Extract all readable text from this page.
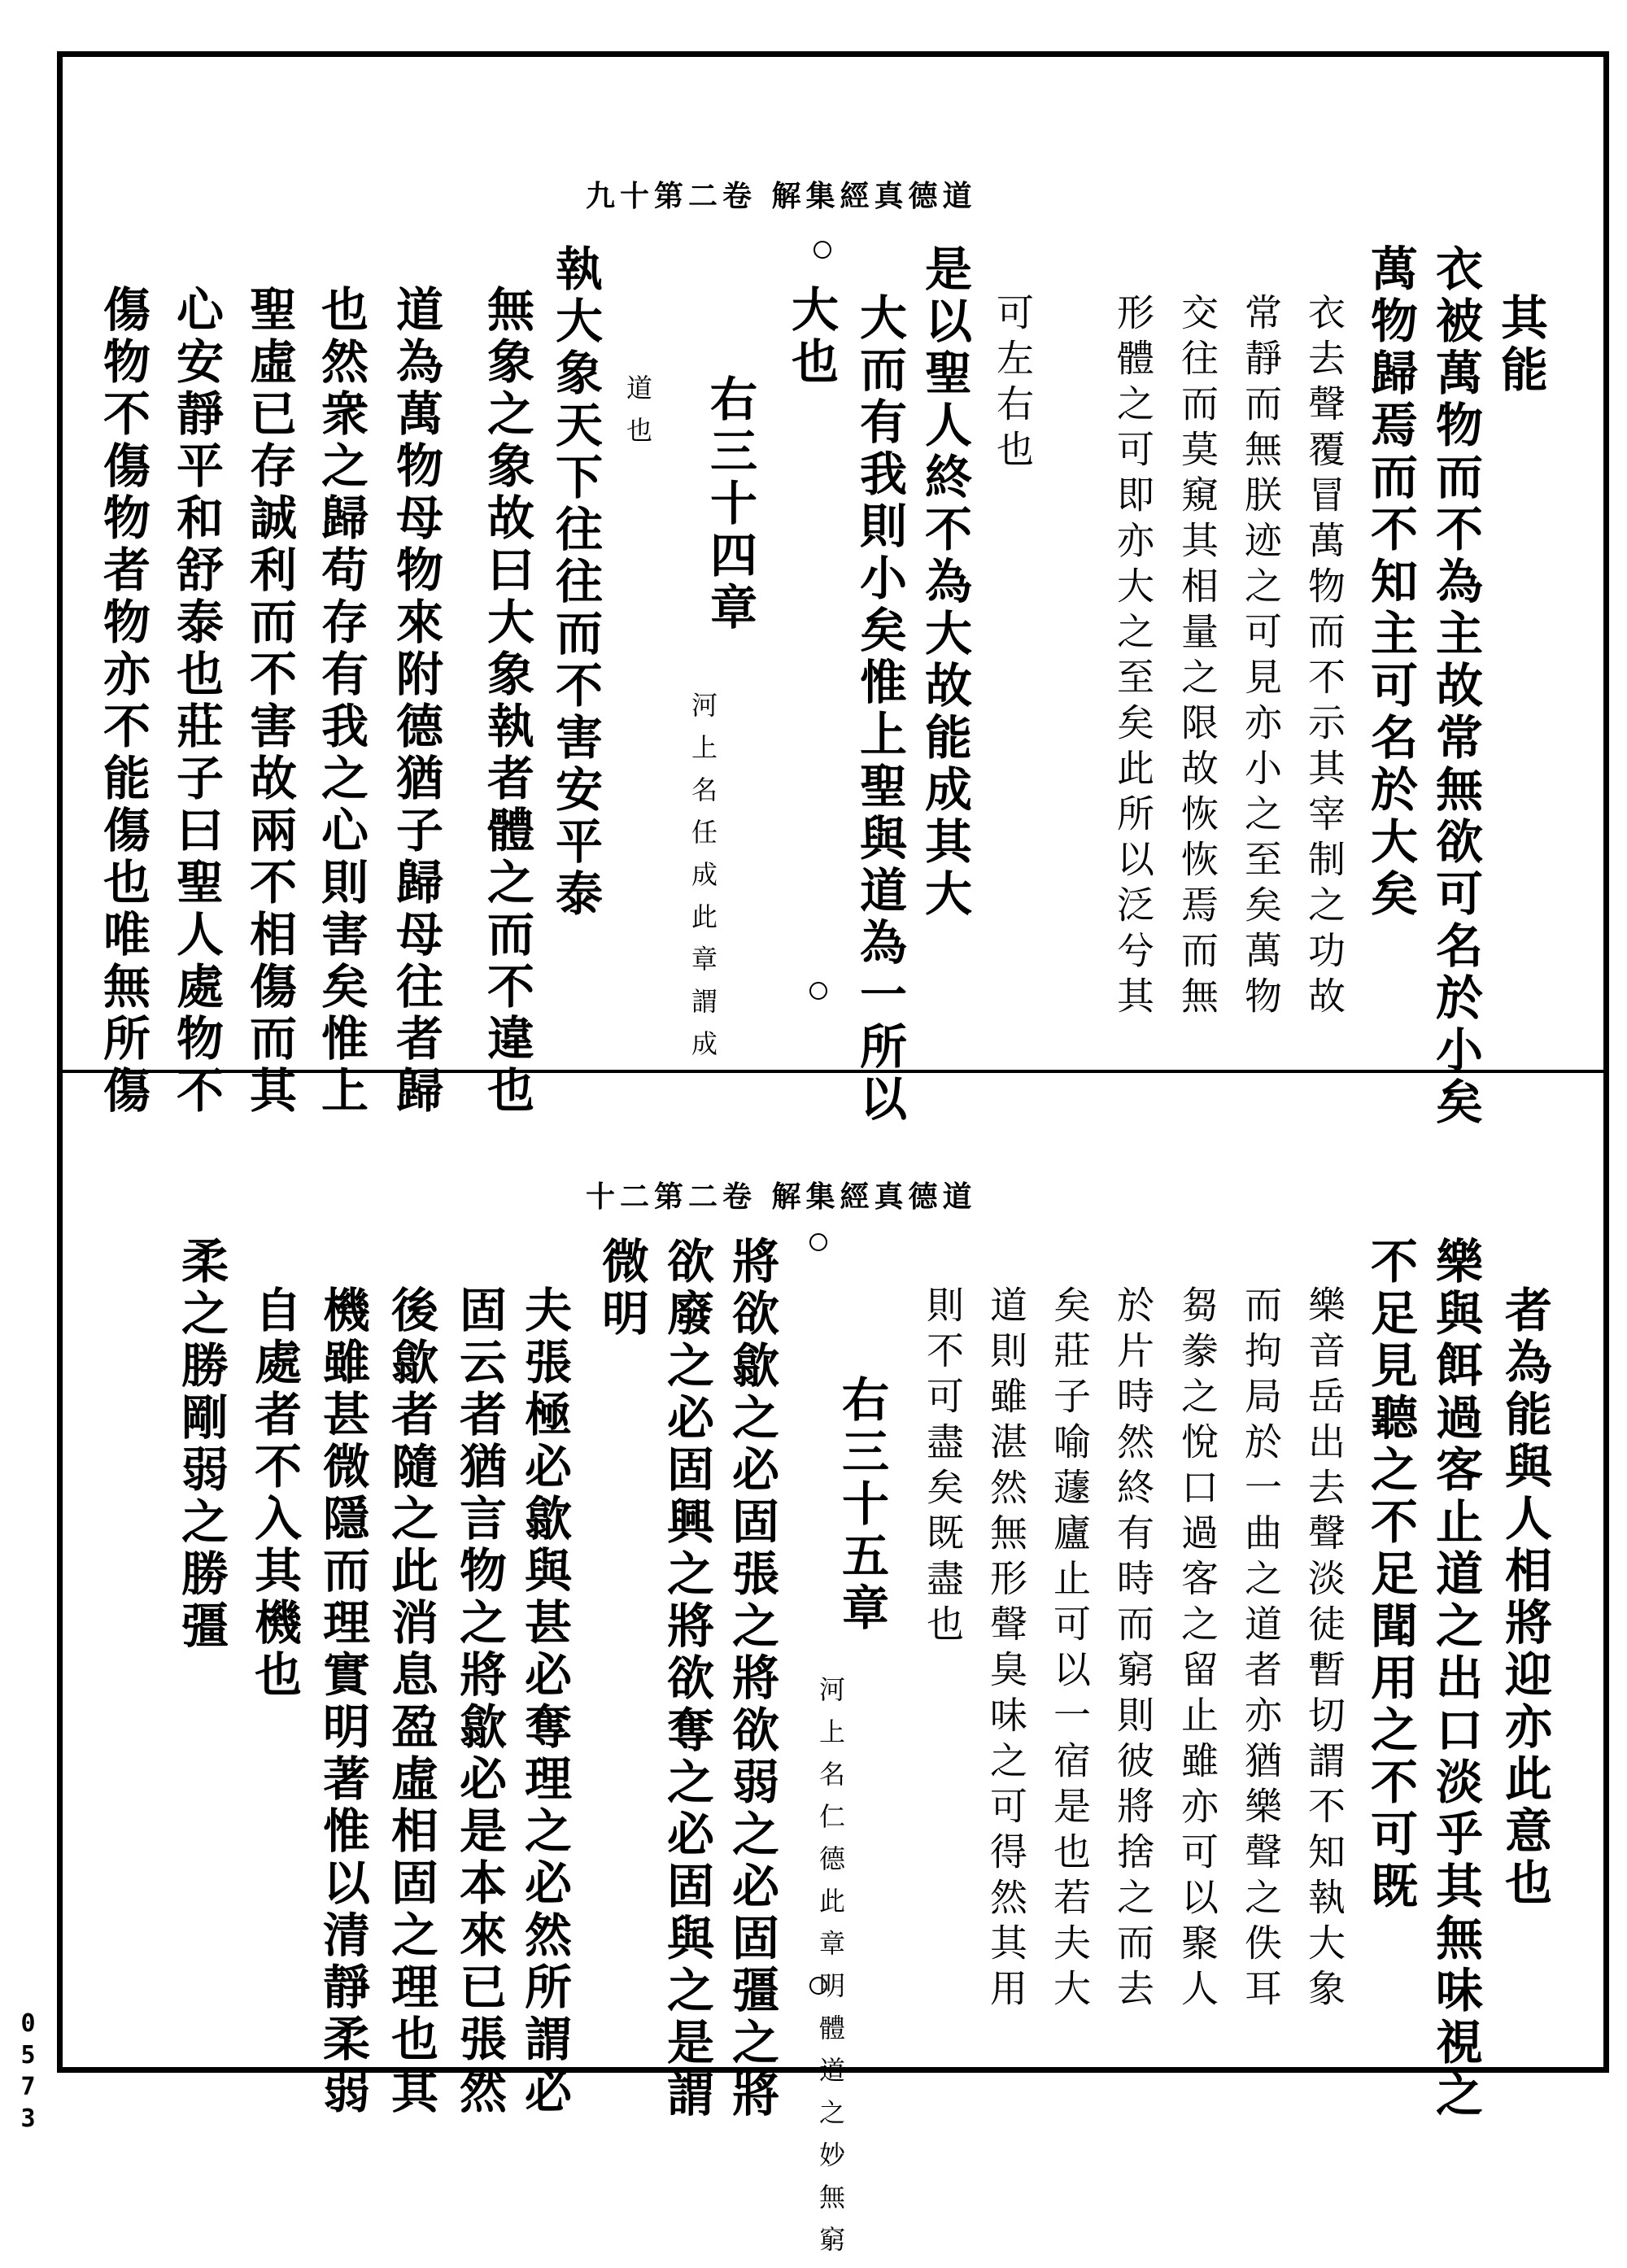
道德真經集解 卷二第十九
其能
衣被萬物而不為主故常無欲可名於小矣
萬物歸焉而不知主可名於大矣
衣去聲覆冒萬物而不示其宰制之功故
常靜而無朕迹之可見亦小之至矣萬物
交往而莫窺其相量之限故恢恢焉而無
形體之可即亦大之至矣此所以泛兮其
可左右也
是以聖人終不為大故能成其大
大而有我則小矣惟上聖與道為一所以
大也
右三十四章
河上名任成此章謂成
道也
執大象天下往往而不害安平泰
無象之象故曰大象執者體之而不違也
道為萬物母物來附德猶子歸母往者歸
也然衆之歸苟存有我之心則害矣惟上
聖虛已存誠利而不害故兩不相傷而其
心安靜平和舒泰也莊子曰聖人處物不
傷物不傷物者物亦不能傷也唯無所傷
道德真經集解 卷二第二十
者為能與人相將迎亦此意也
樂與餌過客止道之出口淡乎其無味視之
不足見聽之不足聞用之不可既
樂音岳出去聲淡徒暫切謂不知執大象
而拘局於一曲之道者亦猶樂聲之佚耳
芻豢之悅口過客之留止雖亦可以聚人
於片時然終有時而窮則彼將捨之而去
矣莊子喻蘧廬止可以一宿是也若夫大
道則雖湛然無形聲臭味之可得然其用
則不可盡矣既盡也
右三十五章
河上名仁德此章明體道之妙無窮
將欲歙之必固張之將欲弱之必固彊之將
欲廢之必固興之將欲奪之必固與之是謂
微明
夫張極必歙與甚必奪理之必然所謂必
固云者猶言物之將歙必是本來已張然
後歙者隨之此消息盈虛相固之理也其
機雖甚微隱而理實明著惟以清靜柔弱
自處者不入其機也
柔之勝剛弱之勝彊
0573
